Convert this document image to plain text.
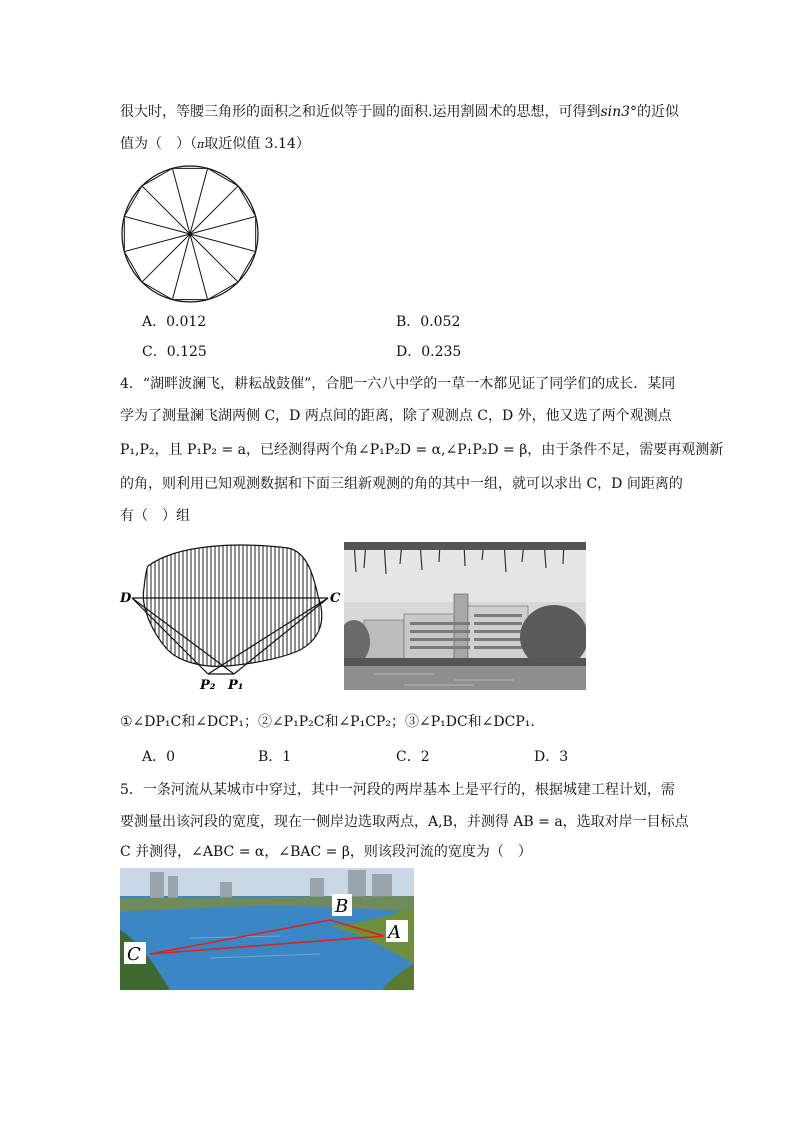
很大时，等腰三角形的面积之和近似等于圆的面积.运用割圆术的思想，可得到sin3°的近似
值为（　）（π取近似值 3.14）
A．0.012	B．0.052
C．0.125	D．0.235
4．“湖畔波澜飞，耕耘战鼓催”，合肥一六八中学的一草一木都见证了同学们的成长．某同
学为了测量澜飞湖两侧 C，D 两点间的距离，除了观测点 C，D 外，他又选了两个观测点
P₁,P₂，且 P₁P₂ = a，已经测得两个角∠P₁P₂D = α,∠P₁P₂D = β，由于条件不足，需要再观测新
的角，则利用已知观测数据和下面三组新观测的角的其中一组，就可以求出 C，D 间距离的
有（　）组
D	C
P₂ P₁
①∠DP₁C和∠DCP₁；②∠P₁P₂C和∠P₁CP₂；③∠P₁DC和∠DCP₁.
A．0	B．1	C．2	D．3
5．一条河流从某城市中穿过，其中一河段的两岸基本上是平行的，根据城建工程计划，需
要测量出该河段的宽度，现在一侧岸边选取两点，A,B，并测得 AB = a，选取对岸一目标点
C 并测得，∠ABC = α，∠BAC = β，则该段河流的宽度为（　）
B
A
C
